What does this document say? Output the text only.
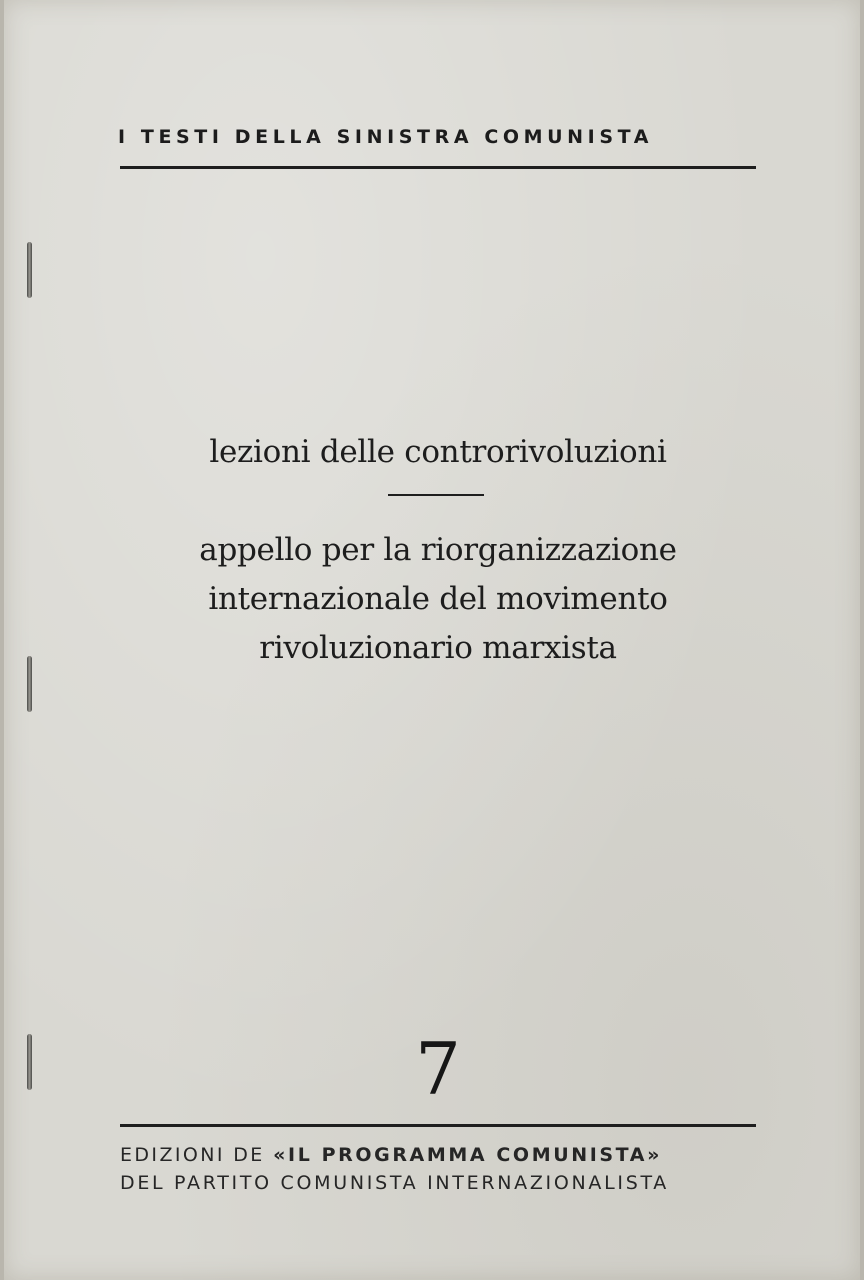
I TESTI DELLA SINISTRA COMUNISTA
lezioni delle controrivoluzioni
appello per la riorganizzazione
internazionale del movimento
rivoluzionario marxista
7
EDIZIONI DE «IL PROGRAMMA COMUNISTA»
DEL PARTITO COMUNISTA INTERNAZIONALISTA
